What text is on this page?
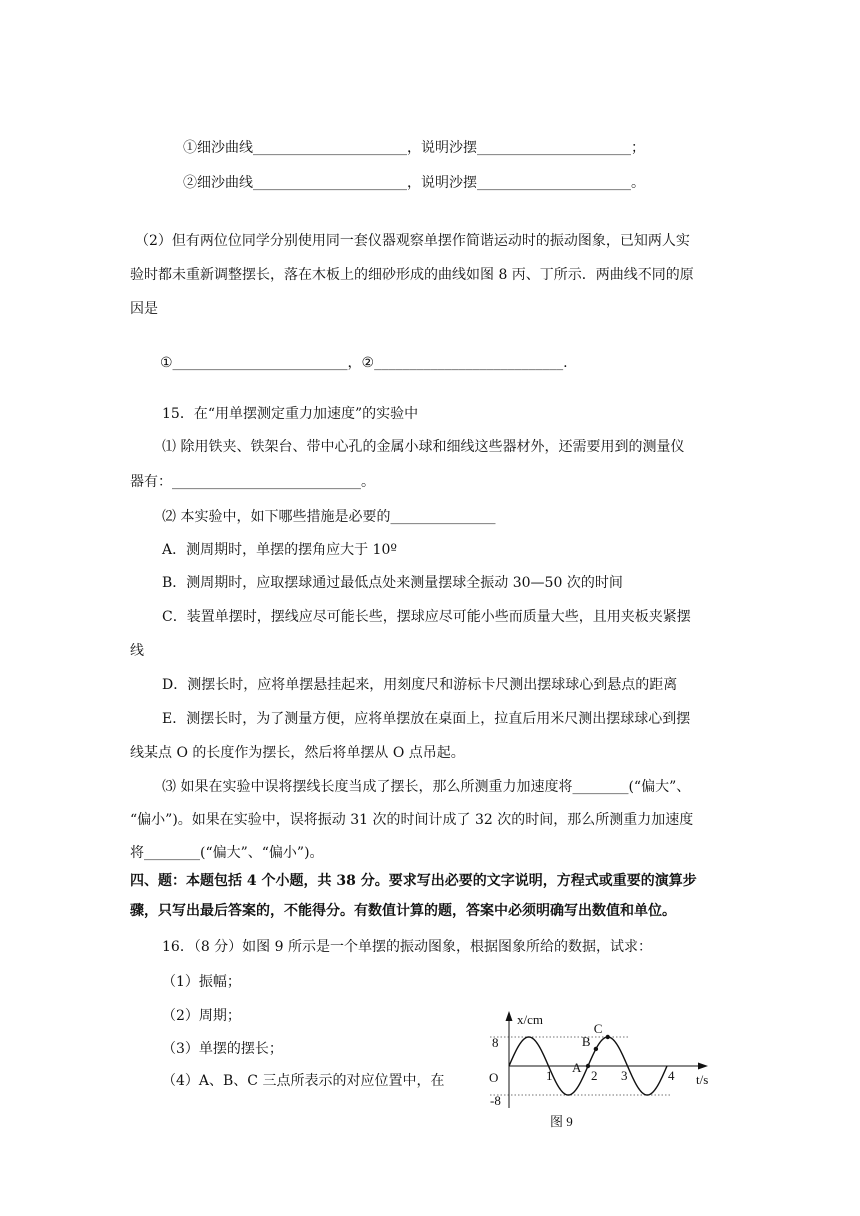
①细沙曲线______________________，说明沙摆______________________；
②细沙曲线______________________，说明沙摆______________________。
（2）但有两位位同学分别使用同一套仪器观察单摆作简谐运动时的振动图象，已知两人实
验时都未重新调整摆长，落在木板上的细砂形成的曲线如图 8 丙、丁所示．两曲线不同的原
因是
①_________________________，②___________________________.
15．在“用单摆测定重力加速度”的实验中
⑴ 除用铁夹、铁架台、带中心孔的金属小球和细线这些器材外，还需要用到的测量仪
器有：___________________________。
⑵ 本实验中，如下哪些措施是必要的_______________
A．测周期时，单摆的摆角应大于 10º
B．测周期时，应取摆球通过最低点处来测量摆球全振动 30—50 次的时间
C．装置单摆时，摆线应尽可能长些，摆球应尽可能小些而质量大些，且用夹板夹紧摆
线
D．测摆长时，应将单摆悬挂起来，用刻度尺和游标卡尺测出摆球球心到悬点的距离
E．测摆长时，为了测量方便，应将单摆放在桌面上，拉直后用米尺测出摆球球心到摆
线某点 O 的长度作为摆长，然后将单摆从 O 点吊起。
⑶ 如果在实验中误将摆线长度当成了摆长，那么所测重力加速度将________(“偏大”、
“偏小”)。如果在实验中，误将振动 31 次的时间计成了 32 次的时间，那么所测重力加速度
将________(“偏大”、“偏小”)。
四、题：本题包括 4 个小题，共 38 分。要求写出必要的文字说明，方程式或重要的演算步
骤，只写出最后答案的，不能得分。有数值计算的题，答案中必须明确写出数值和单位。
16．（8 分）如图 9 所示是一个单摆的振动图象，根据图象所给的数据，试求：
（1）振幅；
（2）周期；
（3）单摆的摆长；
（4）A、B、C 三点所表示的对应位置中，在
A
B
C
x/cm
t/s
O
8
-8
1	2 3	4
图 9
